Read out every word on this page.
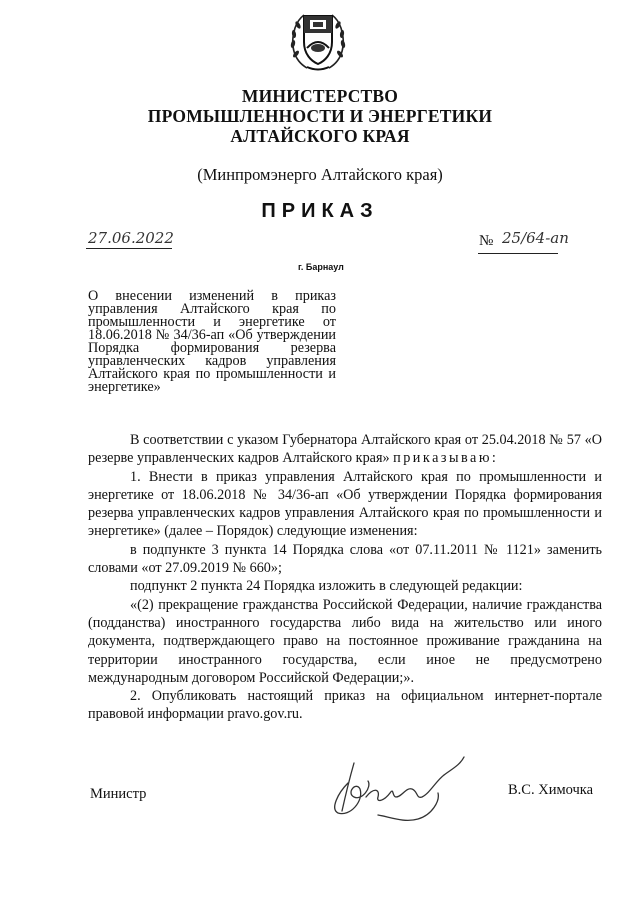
МИНИСТЕРСТВО
ПРОМЫШЛЕННОСТИ И ЭНЕРГЕТИКИ
АЛТАЙСКОГО КРАЯ
(Минпромэнерго Алтайского края)
ПРИКАЗ
27.06.2022	№ 25/64-ап
г. Барнаул
О внесении изменений в приказ управления Алтайского края по промышленности и энергетике от 18.06.2018 № 34/36-ап «Об утверждении Порядка формирования резерва управленческих кадров управления Алтайского края по промышленности и энергетике»

В соответствии с указом Губернатора Алтайского края от 25.04.2018 № 57 «О резерве управленческих кадров Алтайского края» приказываю:

1. Внести в приказ управления Алтайского края по промышленности и энергетике от 18.06.2018 № 34/36-ап «Об утверждении Порядка формирования резерва управленческих кадров управления Алтайского края по промышленности и энергетике» (далее – Порядок) следующие изменения:

в подпункте 3 пункта 14 Порядка слова «от 07.11.2011 № 1121» заменить словами «от 27.09.2019 № 660»;

подпункт 2 пункта 24 Порядка изложить в следующей редакции:

«(2) прекращение гражданства Российской Федерации, наличие гражданства (подданства) иностранного государства либо вида на жительство или иного документа, подтверждающего право на постоянное проживание гражданина на территории иностранного государства, если иное не предусмотрено международным договором Российской Федерации;».

2. Опубликовать настоящий приказ на официальном интернет-портале правовой информации pravo.gov.ru.

Министр	В.С. Химочка
